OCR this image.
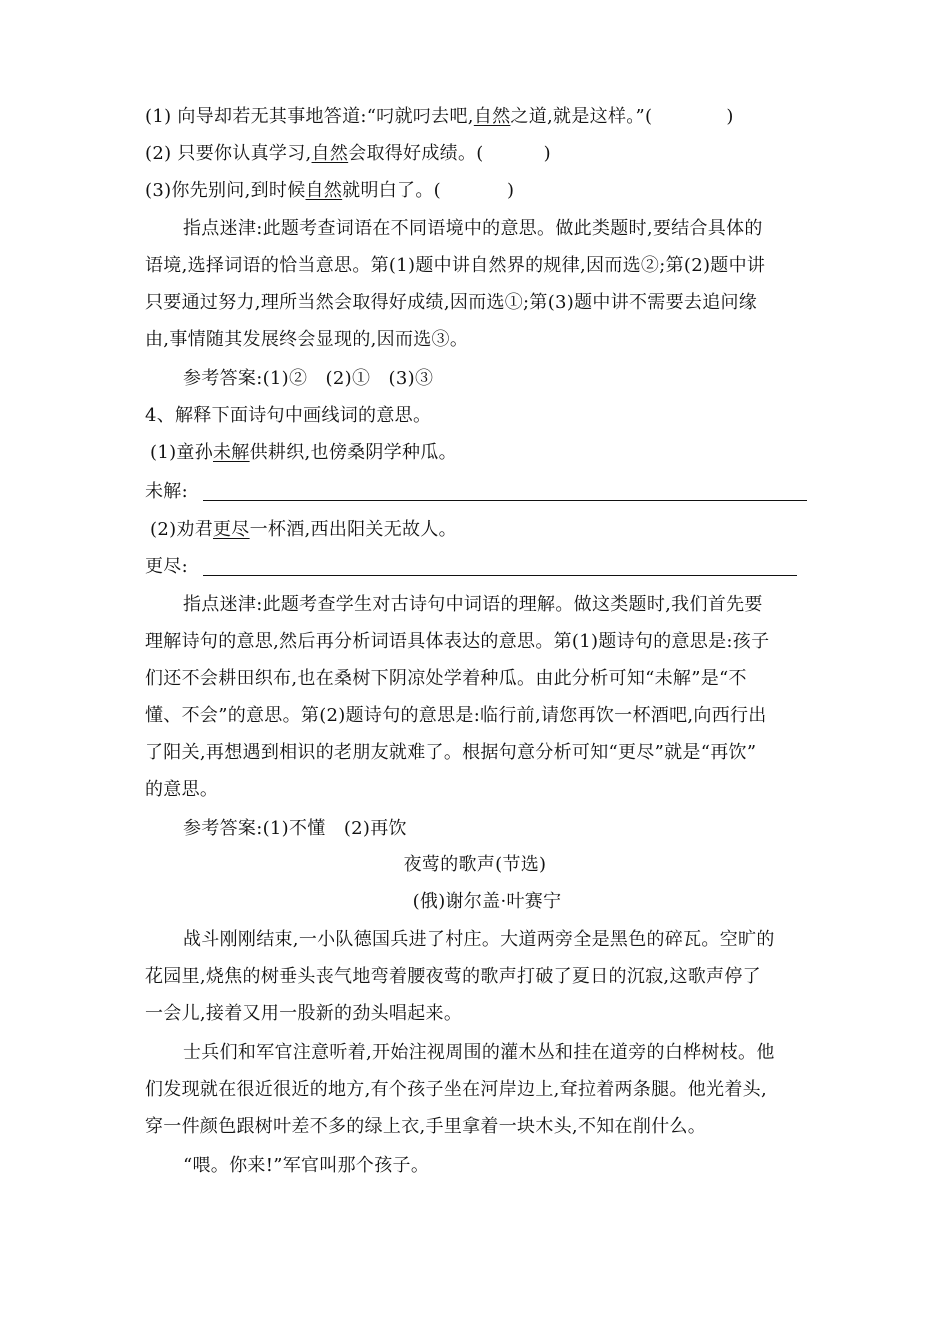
(1) 向导却若无其事地答道:“叼就叼去吧,自然之道,就是这样。”(	)
(2) 只要你认真学习,自然会取得好成绩。(	)
(3)你先别问,到时候自然就明白了。(	)
指点迷津:此题考查词语在不同语境中的意思。做此类题时,要结合具体的
语境,选择词语的恰当意思。第(1)题中讲自然界的规律,因而选②;第(2)题中讲
只要通过努力,理所当然会取得好成绩,因而选①;第(3)题中讲不需要去追问缘
由,事情随其发展终会显现的,因而选③。
参考答案:(1)②　(2)①　(3)③
4、解释下面诗句中画线词的意思。
(1)童孙未解供耕织,也傍桑阴学种瓜。
未解:
(2)劝君更尽一杯酒,西出阳关无故人。
更尽:
指点迷津:此题考查学生对古诗句中词语的理解。做这类题时,我们首先要
理解诗句的意思,然后再分析词语具体表达的意思。第(1)题诗句的意思是:孩子
们还不会耕田织布,也在桑树下阴凉处学着种瓜。由此分析可知“未解”是“不
懂、不会”的意思。第(2)题诗句的意思是:临行前,请您再饮一杯酒吧,向西行出
了阳关,再想遇到相识的老朋友就难了。根据句意分析可知“更尽”就是“再饮”
的意思。
参考答案:(1)不懂　(2)再饮
夜莺的歌声(节选)
(俄)谢尔盖·叶赛宁
战斗刚刚结束,一小队德国兵进了村庄。大道两旁全是黑色的碎瓦。空旷的
花园里,烧焦的树垂头丧气地弯着腰夜莺的歌声打破了夏日的沉寂,这歌声停了
一会儿,接着又用一股新的劲头唱起来。
士兵们和军官注意听着,开始注视周围的灌木丛和挂在道旁的白桦树枝。他
们发现就在很近很近的地方,有个孩子坐在河岸边上,耷拉着两条腿。他光着头,
穿一件颜色跟树叶差不多的绿上衣,手里拿着一块木头,不知在削什么。
“喂。你来!”军官叫那个孩子。
